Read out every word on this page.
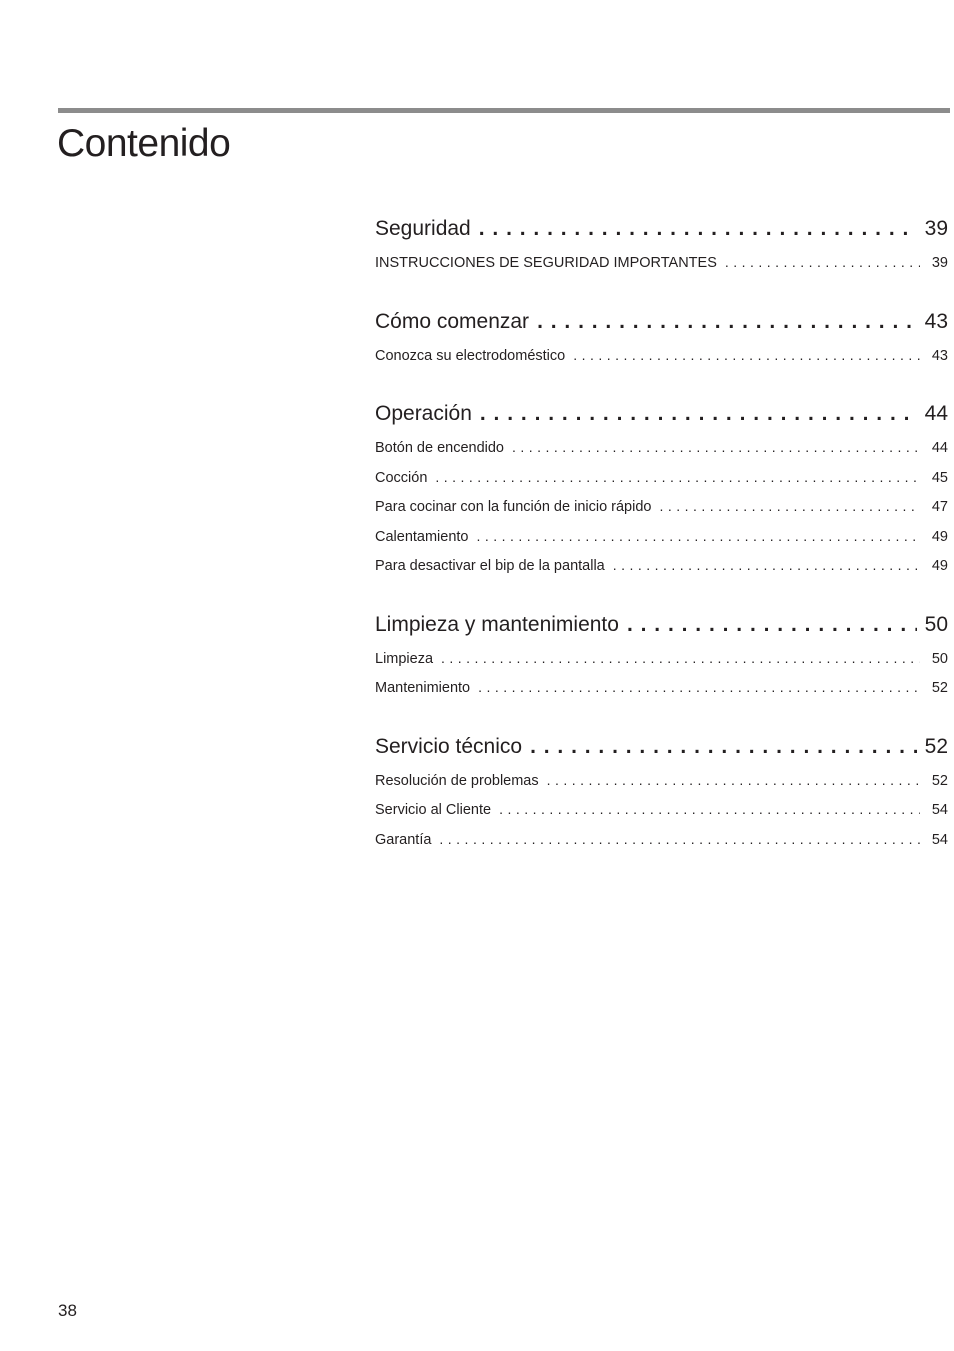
Contenido
Seguridad . . .	39
INSTRUCCIONES DE SEGURIDAD IMPORTANTES . . .	39
Cómo comenzar . . .	43
Conozca su electrodoméstico . . .	43
Operación . . .	44
Botón de encendido . . .	44
Cocción . . .	45
Para cocinar con la función de inicio rápido . . .	47
Calentamiento . . .	49
Para desactivar el bip de la pantalla . . .	49
Limpieza y mantenimiento . . .	50
Limpieza . . .	50
Mantenimiento . . .	52
Servicio técnico . . .	52
Resolución de problemas . . .	52
Servicio al Cliente . . .	54
Garantía . . .	54
38
